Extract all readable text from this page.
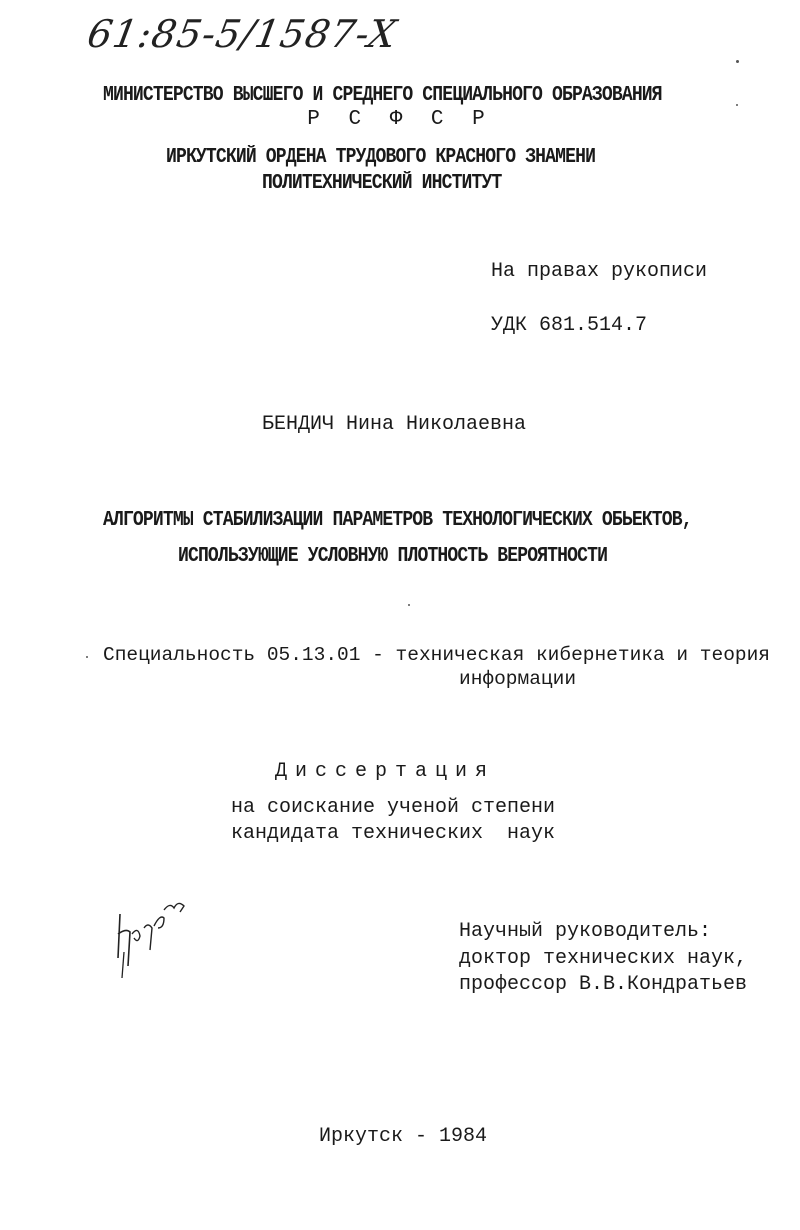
61:85-5/1587-X
МИНИСТЕРСТВО ВЫСШЕГО И СРЕДНЕГО СПЕЦИАЛЬНОГО ОБРАЗОВАНИЯ
Р С Ф С Р
ИРКУТСКИЙ ОРДЕНА ТРУДОВОГО КРАСНОГО ЗНАМЕНИ
ПОЛИТЕХНИЧЕСКИЙ ИНСТИТУТ
На правах рукописи
УДК 681.514.7
БЕНДИЧ Нина Николаевна
АЛГОРИТМЫ СТАБИЛИЗАЦИИ ПАРАМЕТРОВ ТЕХНОЛОГИЧЕСКИХ ОБЬЕКТОВ,
ИСПОЛЬЗУЮЩИЕ УСЛОВНУЮ ПЛОТНОСТЬ ВЕРОЯТНОСТИ
Специальность 05.13.01 - техническая кибернетика и теория
информации
Диссертация
на соискание ученой степени
кандидата технических  наук
Научный руководитель:
доктор технических наук,
профессор В.В.Кондратьев
Иркутск - 1984
